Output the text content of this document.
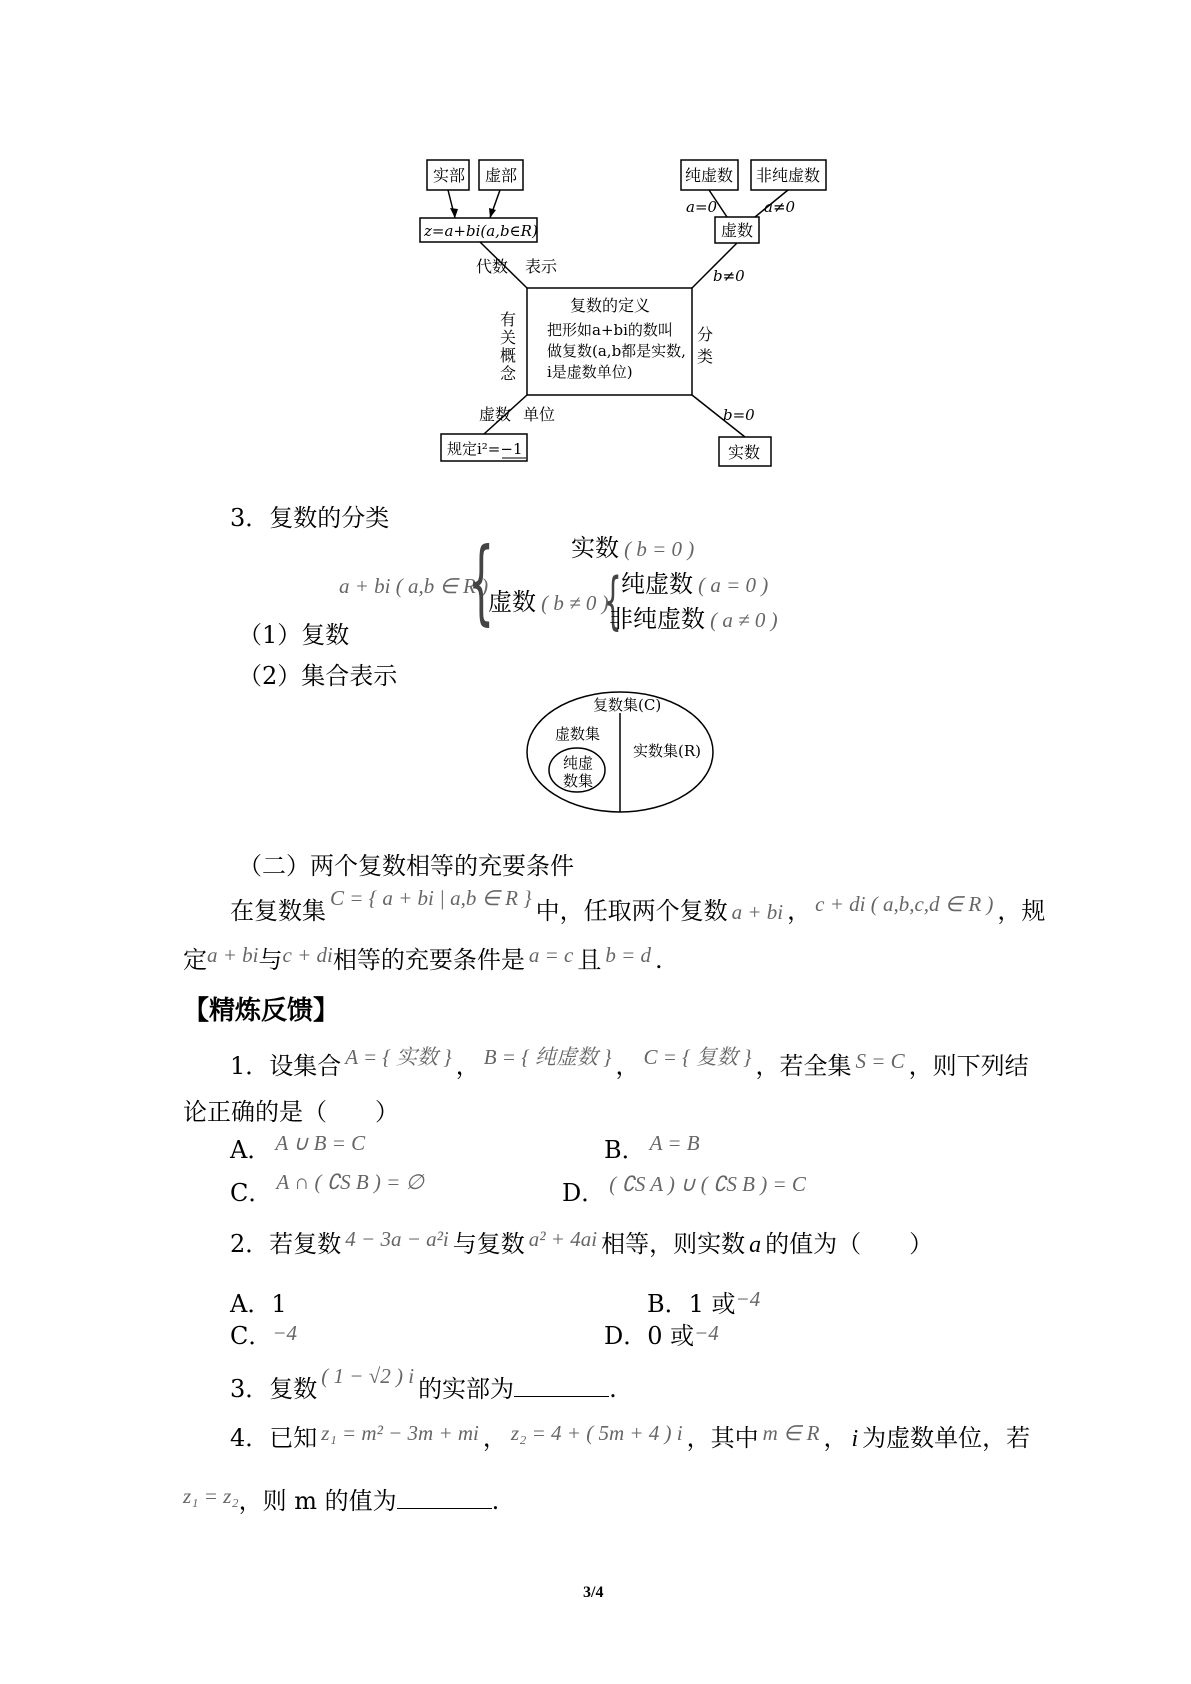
实部 虚部
z=a+bi(a,b∈R)
纯虚数 非纯虚数
虚数
a=0	a≠0
b≠0
b=0
代数 表示
有
关
概
念
分
类
复数的定义
把形如a+bi的数叫
做复数(a,b都是实数,
i是虚数单位)
虚数 单位
规定i²=−1	实数
3．复数的分类
a + bi ( a,b ∈ R )
{	实数 ( b = 0 )
虚数 ( b ≠ 0 )
{ 纯虚数 ( a = 0 )
非纯虚数 ( a ≠ 0 )
（1）复数
（2）集合表示
复数集(C)
虚数集
实数集(R)
纯虚
数集
（二）两个复数相等的充要条件
在复数集 C = { a + bi | a,b ∈ R } 中，任取两个复数 a + bi ， c + di ( a,b,c,d ∈ R ) ，规
定a + bi与c + di相等的充要条件是 a = c 且 b = d .
【精炼反馈】
1．设集合 A = { 实数 } ， B = { 纯虚数 } ， C = { 复数 } ，若全集 S = C ，则下列结
论正确的是（　　）
A． A ∪ B = C	B． A = B
C． A ∩ ( ∁S B ) = ∅	D． ( ∁S A ) ∪ ( ∁S B ) = C
2．若复数 4 − 3a − a²i 与复数 a² + 4ai 相等，则实数 a 的值为（　　）
A．1	B．1 或−4
C．−4	D．0 或−4
3．复数 ( 1 − √2 ) i 的实部为	.
4．已知 z₁ = m² − 3m + mi ， z₂ = 4 + ( 5m + 4 ) i ，其中 m ∈ R ， i 为虚数单位，若
z₁ = z₂，则 m 的值为	.
3/4
